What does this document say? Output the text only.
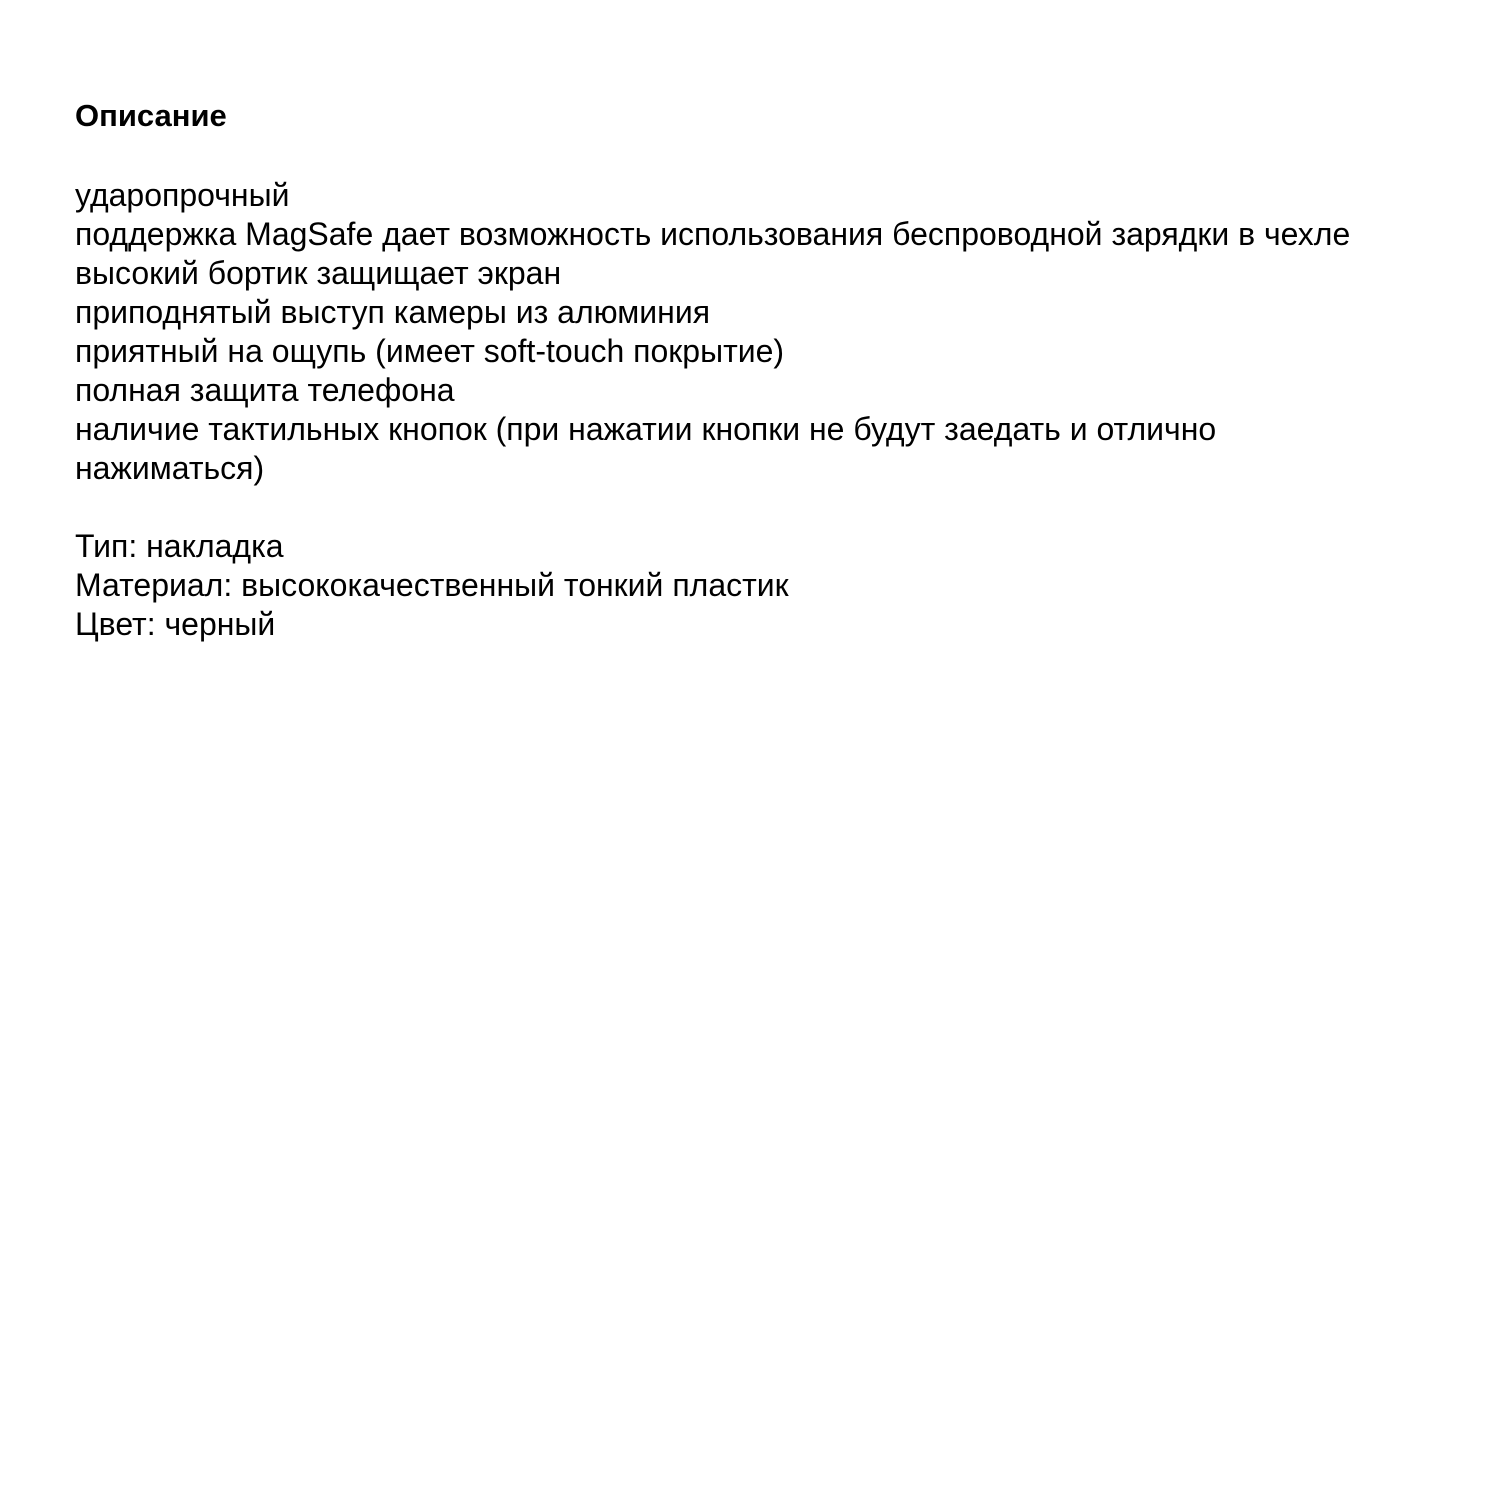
Описание

ударопрочный

поддержка MagSafe дает возможность использования беспроводной зарядки в чехле

высокий бортик защищает экран

приподнятый выступ камеры из алюминия

приятный на ощупь (имеет soft-touch покрытие)

полная защита телефона

наличие тактильных кнопок (при нажатии кнопки не будут заедать и отлично нажиматься)

Тип: накладка

Материал: высококачественный тонкий пластик

Цвет: черный
